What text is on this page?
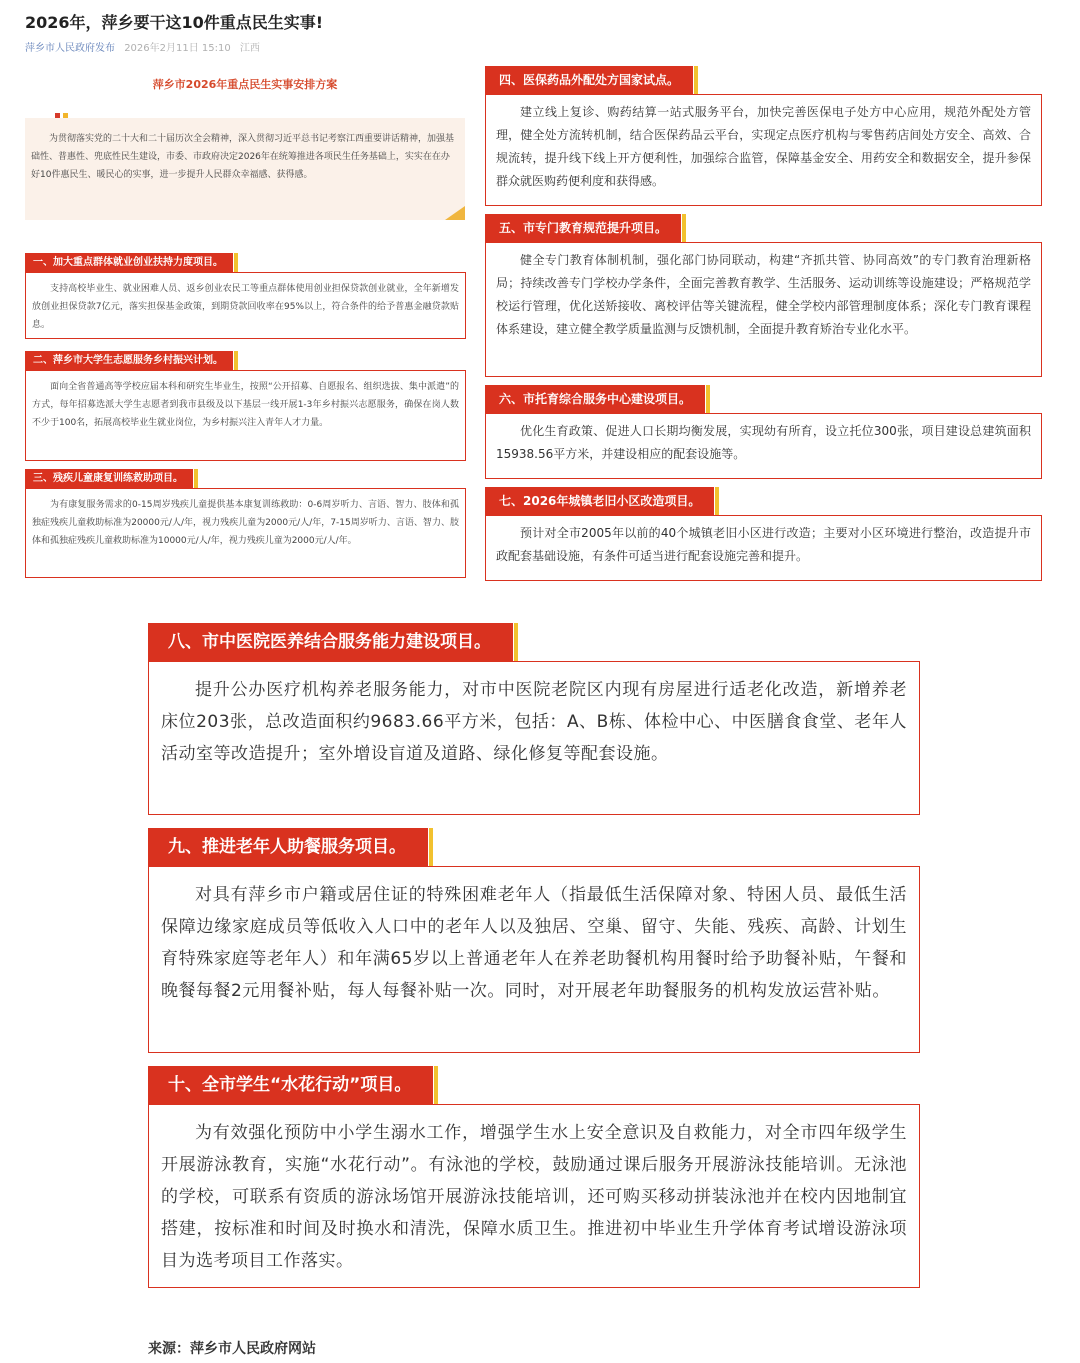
2026年，萍乡要干这10件重点民生实事!
萍乡市人民政府发布 2026年2月11日 15:10 江西
萍乡市2026年重点民生实事安排方案

为贯彻落实党的二十大和二十届历次全会精神，深入贯彻习近平总书记考察江西重要讲话精神，加强基础性、普惠性、兜底性民生建设，市委、市政府决定2026年在统筹推进各项民生任务基础上，实实在在办好10件惠民生、暖民心的实事，进一步提升人民群众幸福感、获得感。

一、加大重点群体就业创业扶持力度项目。

支持高校毕业生、就业困难人员、返乡创业农民工等重点群体使用创业担保贷款创业就业，全年新增发放创业担保贷款7亿元，落实担保基金政策，到期贷款回收率在95%以上，符合条件的给予普惠金融贷款贴息。

二、萍乡市大学生志愿服务乡村振兴计划。

面向全省普通高等学校应届本科和研究生毕业生，按照“公开招募、自愿报名、组织选拔、集中派遣”的方式，每年招募选派大学生志愿者到我市县级及以下基层一线开展1-3年乡村振兴志愿服务，确保在岗人数不少于100名，拓展高校毕业生就业岗位，为乡村振兴注入青年人才力量。

三、残疾儿童康复训练救助项目。

为有康复服务需求的0-15周岁残疾儿童提供基本康复训练救助：0-6周岁听力、言语、智力、肢体和孤独症残疾儿童救助标准为20000元/人/年，视力残疾儿童为2000元/人/年，7-15周岁听力、言语、智力、肢体和孤独症残疾儿童救助标准为10000元/人/年，视力残疾儿童为2000元/人/年。

四、医保药品外配处方国家试点。

建立线上复诊、购药结算一站式服务平台，加快完善医保电子处方中心应用，规范外配处方管理，健全处方流转机制，结合医保药品云平台，实现定点医疗机构与零售药店间处方安全、高效、合规流转，提升线下线上开方便利性，加强综合监管，保障基金安全、用药安全和数据安全，提升参保群众就医购药便利度和获得感。

五、市专门教育规范提升项目。

健全专门教育体制机制，强化部门协同联动，构建“齐抓共管、协同高效”的专门教育治理新格局；持续改善专门学校办学条件，全面完善教育教学、生活服务、运动训练等设施建设；严格规范学校运行管理，优化送矫接收、离校评估等关键流程，健全学校内部管理制度体系；深化专门教育课程体系建设，建立健全教学质量监测与反馈机制，全面提升教育矫治专业化水平。

六、市托育综合服务中心建设项目。

优化生育政策、促进人口长期均衡发展，实现幼有所育，设立托位300张，项目建设总建筑面积15938.56平方米，并建设相应的配套设施等。

七、2026年城镇老旧小区改造项目。

预计对全市2005年以前的40个城镇老旧小区进行改造；主要对小区环境进行整治，改造提升市政配套基础设施，有条件可适当进行配套设施完善和提升。

八、市中医院医养结合服务能力建设项目。

提升公办医疗机构养老服务能力，对市中医院老院区内现有房屋进行适老化改造，新增养老床位203张，总改造面积约9683.66平方米，包括：A、B栋、体检中心、中医膳食食堂、老年人活动室等改造提升；室外增设盲道及道路、绿化修复等配套设施。

九、推进老年人助餐服务项目。

对具有萍乡市户籍或居住证的特殊困难老年人（指最低生活保障对象、特困人员、最低生活保障边缘家庭成员等低收入人口中的老年人以及独居、空巢、留守、失能、残疾、高龄、计划生育特殊家庭等老年人）和年满65岁以上普通老年人在养老助餐机构用餐时给予助餐补贴，午餐和晚餐每餐2元用餐补贴，每人每餐补贴一次。同时，对开展老年助餐服务的机构发放运营补贴。

十、全市学生“水花行动”项目。

为有效强化预防中小学生溺水工作，增强学生水上安全意识及自救能力，对全市四年级学生开展游泳教育，实施“水花行动”。有泳池的学校，鼓励通过课后服务开展游泳技能培训。无泳池的学校，可联系有资质的游泳场馆开展游泳技能培训，还可购买移动拼装泳池并在校内因地制宜搭建，按标准和时间及时换水和清洗，保障水质卫生。推进初中毕业生升学体育考试增设游泳项目为选考项目工作落实。

来源：萍乡市人民政府网站
